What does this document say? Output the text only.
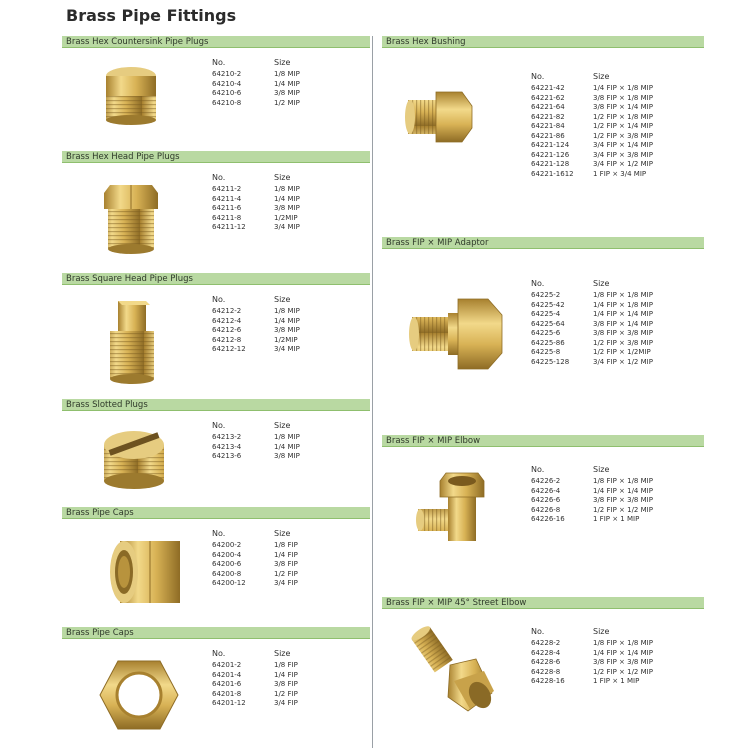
Brass Pipe Fittings
Brass Hex Countersink Pipe Plugs
No.	Size
64210-2	1/8 MIP
64210-4	1/4 MIP
64210-6	3/8 MIP
64210-8	1/2 MIP
Brass Hex Head Pipe Plugs
No.	Size
64211-2	1/8 MIP
64211-4	1/4 MIP
64211-6	3/8 MIP
64211-8	1/2MIP
64211-12	3/4 MIP
Brass Square Head Pipe Plugs
No.	Size
64212-2	1/8 MIP
64212-4	1/4 MIP
64212-6	3/8 MIP
64212-8	1/2MIP
64212-12	3/4 MIP
Brass Slotted Plugs
No.	Size
64213-2	1/8 MIP
64213-4	1/4 MIP
64213-6	3/8 MIP
Brass Pipe Caps
No.	Size
64200-2	1/8 FIP
64200-4	1/4 FIP
64200-6	3/8 FIP
64200-8	1/2 FIP
64200-12	3/4 FIP
Brass Pipe Caps
No.	Size
64201-2	1/8 FIP
64201-4	1/4 FIP
64201-6	3/8 FIP
64201-8	1/2 FIP
64201-12	3/4 FIP
Brass Hex Bushing
No.	Size
64221-42	1/4 FIP × 1/8 MIP
64221-62	3/8 FIP × 1/8 MIP
64221-64	3/8 FIP × 1/4 MIP
64221-82	1/2 FIP × 1/8 MIP
64221-84	1/2 FIP × 1/4 MIP
64221-86	1/2 FIP × 3/8 MIP
64221-124	3/4 FIP × 1/4 MIP
64221-126	3/4 FIP × 3/8 MIP
64221-128	3/4 FIP × 1/2 MIP
64221-1612	1 FIP × 3/4 MIP
Brass FIP × MIP Adaptor
No.	Size
64225-2	1/8 FIP × 1/8 MIP
64225-42	1/4 FIP × 1/8 MIP
64225-4	1/4 FIP × 1/4 MIP
64225-64	3/8 FIP × 1/4 MIP
64225-6	3/8 FIP × 3/8 MIP
64225-86	1/2 FIP × 3/8 MIP
64225-8	1/2 FIP × 1/2MIP
64225-128	3/4 FIP × 1/2 MIP
Brass FIP × MIP Elbow
No.	Size
64226-2	1/8 FIP × 1/8 MIP
64226-4	1/4 FIP × 1/4 MIP
64226-6	3/8 FIP × 3/8 MIP
64226-8	1/2 FIP × 1/2 MIP
64226-16	1 FIP × 1 MIP
Brass FIP × MIP 45° Street Elbow
No.	Size
64228-2	1/8 FIP × 1/8 MIP
64228-4	1/4 FIP × 1/4 MIP
64228-6	3/8 FIP × 3/8 MIP
64228-8	1/2 FIP × 1/2 MIP
64228-16	1 FIP × 1 MIP
